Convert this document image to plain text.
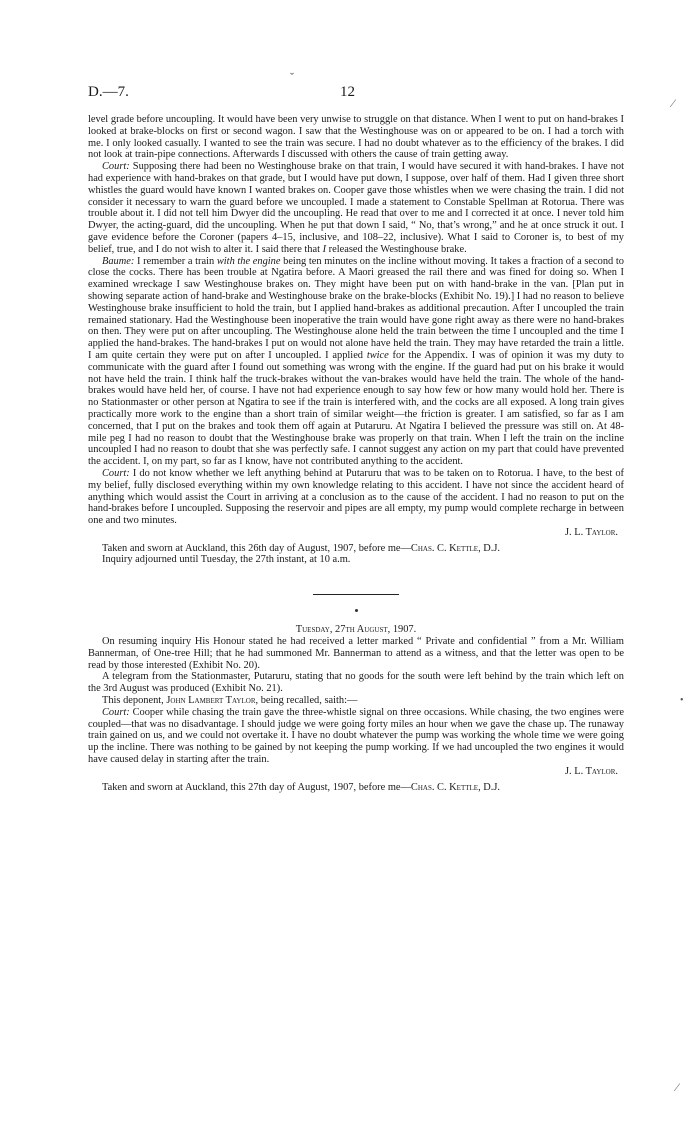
D.—7.	12
ˇ
⁄
•
⁄

level grade before uncoupling. It would have been very unwise to struggle on that distance. When I went to put on hand-brakes I looked at brake-blocks on first or second wagon. I saw that the Westinghouse was on or appeared to be on. I had a torch with me. I only looked casually. I wanted to see the train was secure. I had no doubt whatever as to the efficiency of the brakes. I did not look at train-pipe connections. Afterwards I discussed with others the cause of train getting away.

Court: Supposing there had been no Westinghouse brake on that train, I would have secured it with hand-brakes. I have not had experience with hand-brakes on that grade, but I would have put down, I suppose, over half of them. Had I given three short whistles the guard would have known I wanted brakes on. Cooper gave those whistles when we were chasing the train. I did not consider it necessary to warn the guard before we uncoupled. I made a statement to Constable Spellman at Rotorua. There was trouble about it. I did not tell him Dwyer did the uncoupling. He read that over to me and I corrected it at once. I never told him Dwyer, the acting-guard, did the uncoupling. When he put that down I said, “ No, that’s wrong,” and he at once struck it out. I gave evidence before the Coroner (papers 4–15, inclusive, and 108–22, inclusive). What I said to Coroner is, to best of my belief, true, and I do not wish to alter it. I said there that I released the Westinghouse brake.

Baume: I remember a train with the engine being ten minutes on the incline without moving. It takes a fraction of a second to close the cocks. There has been trouble at Ngatira before. A Maori greased the rail there and was fined for doing so. When I examined wreckage I saw Westinghouse brakes on. They might have been put on with hand-brake in the van. [Plan put in showing separate action of hand-brake and Westinghouse brake on the brake-blocks (Exhibit No. 19).] I had no reason to believe Westinghouse brake insufficient to hold the train, but I applied hand-brakes as additional precaution. After I uncoupled the train remained stationary. Had the Westinghouse been inoperative the train would have gone right away as there were no hand-brakes on then. They were put on after uncoupling. The Westinghouse alone held the train between the time I uncoupled and the time I applied the hand-brakes. The hand-brakes I put on would not alone have held the train. They may have retarded the train a little. I am quite certain they were put on after I uncoupled. I applied twice for the Appendix. I was of opinion it was my duty to communicate with the guard after I found out something was wrong with the engine. If the guard had put on his brake it would not have held the train. I think half the truck-brakes without the van-brakes would have held the train. The whole of the hand-brakes would have held her, of course. I have not had experience enough to say how few or how many would hold her. There is no Stationmaster or other person at Ngatira to see if the train is interfered with, and the cocks are all exposed. A long train gives practically more work to the engine than a short train of similar weight—the friction is greater. I am satisfied, so far as I am concerned, that I put on the brakes and took them off again at Putaruru. At Ngatira I believed the pressure was still on. At 48-mile peg I had no reason to doubt that the Westinghouse brake was properly on that train. When I left the train on the incline uncoupled I had no reason to doubt that she was perfectly safe. I cannot suggest any action on my part that could have prevented the accident. I, on my part, so far as I know, have not contributed anything to the accident.

Court: I do not know whether we left anything behind at Putaruru that was to be taken on to Rotorua. I have, to the best of my belief, fully disclosed everything within my own knowledge relating to this accident. I have not since the accident heard of anything which would assist the Court in arriving at a conclusion as to the cause of the accident. I had no reason to put on the hand-brakes before I uncoupled. Supposing the reservoir and pipes are all empty, my pump would complete recharge in between one and two minutes.

J. L. Taylor.

Taken and sworn at Auckland, this 26th day of August, 1907, before me—Chas. C. Kettle, D.J.

Inquiry adjourned until Tuesday, the 27th instant, at 10 a.m.

Tuesday, 27th August, 1907.

On resuming inquiry His Honour stated he had received a letter marked “ Private and confidential ” from a Mr. William Bannerman, of One-tree Hill; that he had summoned Mr. Bannerman to attend as a witness, and that the letter was open to be read by those interested (Exhibit No. 20).

A telegram from the Stationmaster, Putaruru, stating that no goods for the south were left behind by the train which left on the 3rd August was produced (Exhibit No. 21).

This deponent, John Lambert Taylor, being recalled, saith:—

Court: Cooper while chasing the train gave the three-whistle signal on three occasions. While chasing, the two engines were coupled—that was no disadvantage. I should judge we were going forty miles an hour when we gave the chase up. The runaway train gained on us, and we could not overtake it. I have no doubt whatever the pump was working the whole time we were going up the incline. There was nothing to be gained by not keeping the pump working. If we had uncoupled the two engines it would have caused delay in starting after the train.

J. L. Taylor.

Taken and sworn at Auckland, this 27th day of August, 1907, before me—Chas. C. Kettle, D.J.
